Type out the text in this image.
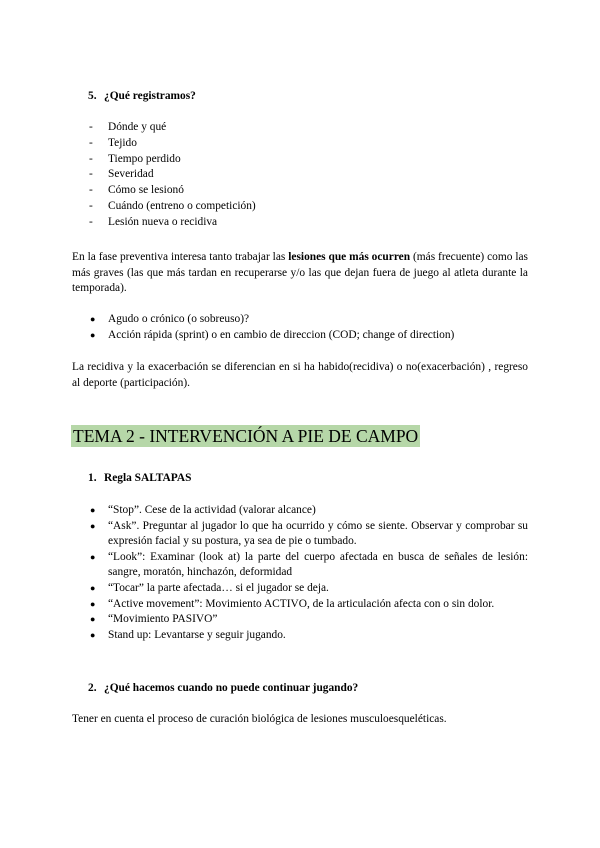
5. ¿Qué registramos?
- Dónde y qué
- Tejido
- Tiempo perdido
- Severidad
- Cómo se lesionó
- Cuándo (entreno o competición)
- Lesión nueva o recidiva

En la fase preventiva interesa tanto trabajar las lesiones que más ocurren (más frecuente) como las más graves (las que más tardan en recuperarse y/o las que dejan fuera de juego al atleta durante la temporada).

● Agudo o crónico (o sobreuso)?
● Acción rápida (sprint) o en cambio de direccion (COD; change of direction)

La recidiva y la exacerbación se diferencian en si ha habido(recidiva) o no(exacerbación) , regreso al deporte (participación).

TEMA 2 - INTERVENCIÓN A PIE DE CAMPO
1. Regla SALTAPAS
● “Stop”. Cese de la actividad (valorar alcance)
● “Ask”. Preguntar al jugador lo que ha ocurrido y cómo se siente. Observar y comprobar su expresión facial y su postura, ya sea de pie o tumbado.
● “Look”: Examinar (look at) la parte del cuerpo afectada en busca de señales de lesión: sangre, moratón, hinchazón, deformidad
● “Tocar” la parte afectada… si el jugador se deja.
● “Active movement”: Movimiento ACTIVO, de la articulación afecta con o sin dolor.
● “Movimiento PASIVO”
● Stand up: Levantarse y seguir jugando.
2. ¿Qué hacemos cuando no puede continuar jugando?

Tener en cuenta el proceso de curación biológica de lesiones musculoesqueléticas.
